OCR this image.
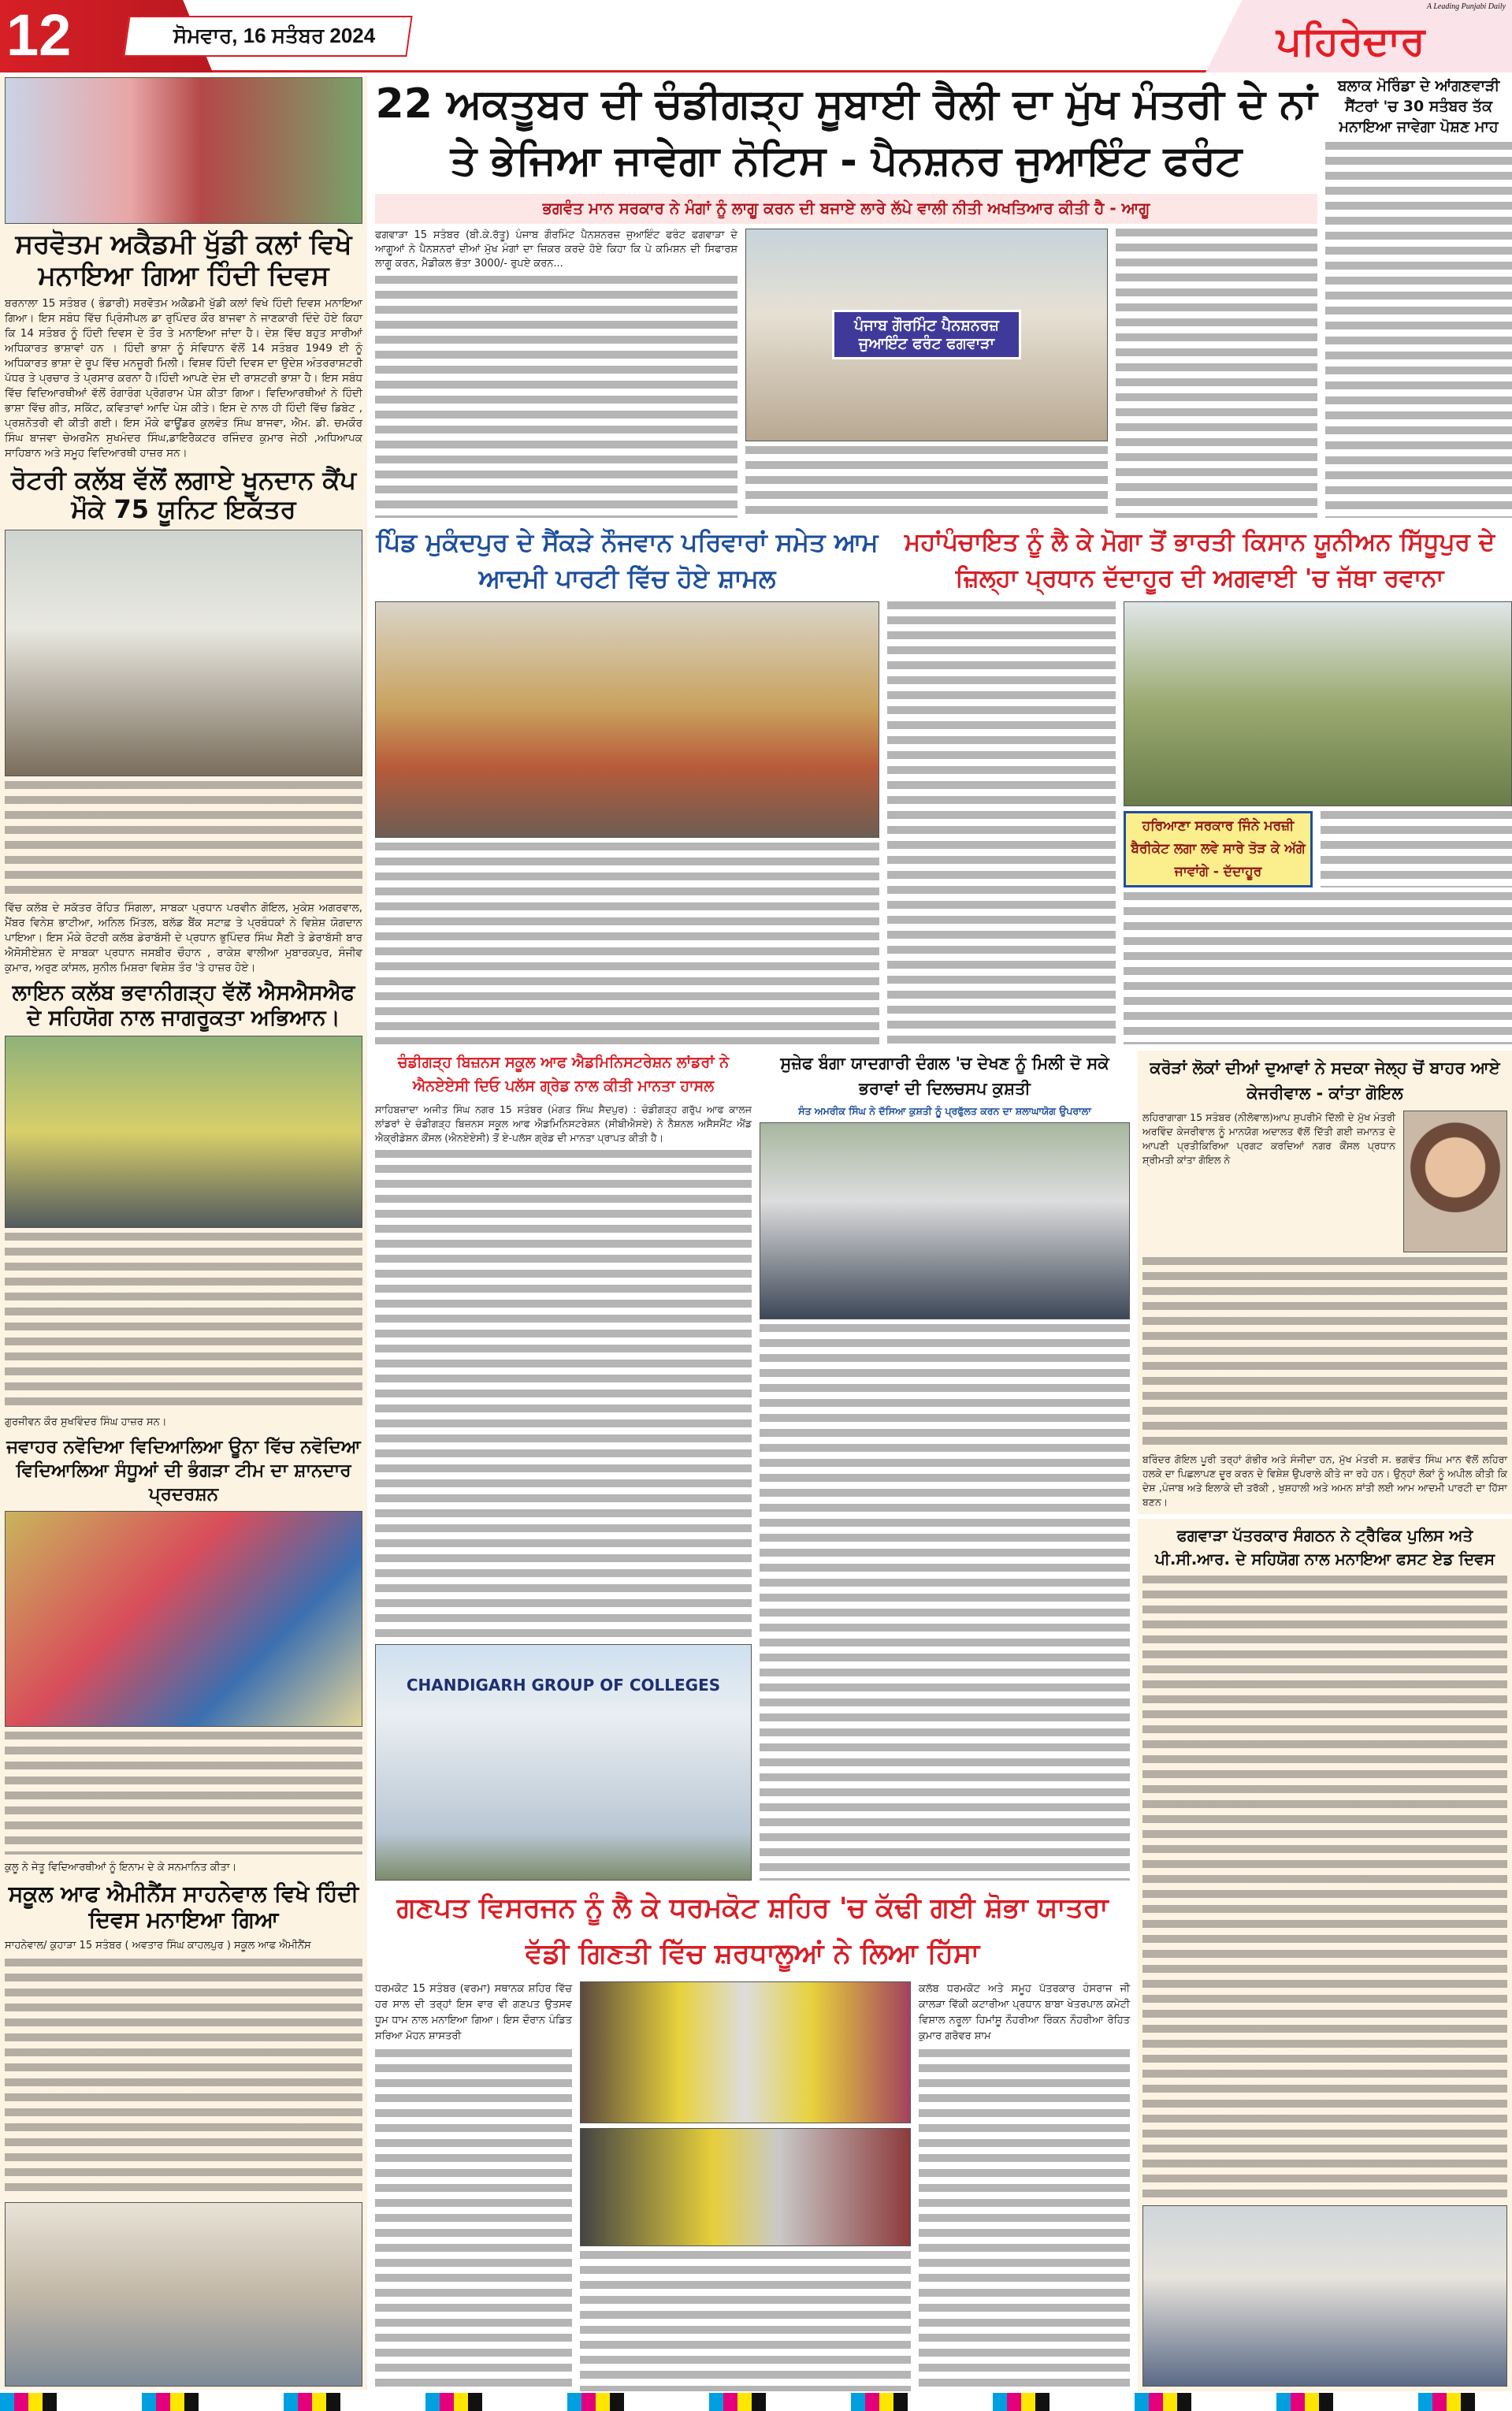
12	ਸੋਮਵਾਰ, 16 ਸਤੰਬਰ 2024
A Leading Punjabi Daily
ਪਹਿਰੇਦਾਰ
ਸਰਵੋਤਮ ਅਕੈਡਮੀ ਖੁੱਡੀ ਕਲਾਂ ਵਿਖੇ ਮਨਾਇਆ ਗਿਆ ਹਿੰਦੀ ਦਿਵਸ
ਬਰਨਾਲਾ 15 ਸਤੰਬਰ ( ਭੰਡਾਰੀ) ਸਰਵੋਤਮ ਅਕੈਡਮੀ ਖੁੱਡੀ ਕਲਾਂ ਵਿਖੇ ਹਿੰਦੀ ਦਿਵਸ ਮਨਾਇਆ ਗਿਆ। ਇਸ ਸਬੰਧ ਵਿੱਚ ਪ੍ਰਿੰਸੀਪਲ ਡਾ ਰੁਪਿੰਦਰ ਕੌਰ ਬਾਜਵਾ ਨੇ ਜਾਣਕਾਰੀ ਦਿੰਦੇ ਹੋਏ ਕਿਹਾ ਕਿ 14 ਸਤੰਬਰ ਨੂੰ ਹਿੰਦੀ ਦਿਵਸ ਦੇ ਤੌਰ ਤੇ ਮਨਾਇਆ ਜਾਂਦਾ ਹੈ। ਦੇਸ਼ ਵਿੱਚ ਬਹੁਤ ਸਾਰੀਆਂ ਅਧਿਕਾਰਤ ਭਾਸ਼ਾਵਾਂ ਹਨ । ਹਿੰਦੀ ਭਾਸ਼ਾ ਨੂੰ ਸੰਵਿਧਾਨ ਵੱਲੋਂ 14 ਸਤੰਬਰ 1949 ਈ ਨੂੰ ਅਧਿਕਾਰਤ ਭਾਸ਼ਾ ਦੇ ਰੂਪ ਵਿੱਚ ਮਨਜ਼ੂਰੀ ਮਿਲੀ। ਵਿਸ਼ਵ ਹਿੰਦੀ ਦਿਵਸ ਦਾ ਉਦੇਸ਼ ਅੰਤਰਰਾਸ਼ਟਰੀ ਪੱਧਰ ਤੇ ਪ੍ਰਚਾਰ ਤੇ ਪ੍ਰਸਾਰ ਕਰਨਾ ਹੈ।ਹਿੰਦੀ ਆਪਣੇ ਦੇਸ਼ ਦੀ ਰਾਸ਼ਟਰੀ ਭਾਸ਼ਾ ਹੈ। ਇਸ ਸਬੰਧ ਵਿੱਚ ਵਿਦਿਆਰਥੀਆਂ ਵੱਲੋਂ ਰੰਗਾਰੰਗ ਪ੍ਰੋਗਰਾਮ ਪੇਸ਼ ਕੀਤਾ ਗਿਆ। ਵਿਦਿਆਰਥੀਆਂ ਨੇ ਹਿੰਦੀ ਭਾਸ਼ਾ ਵਿੱਚ ਗੀਤ, ਸਕਿੱਟ, ਕਵਿਤਾਵਾਂ ਆਦਿ ਪੇਸ਼ ਕੀਤੇ। ਇਸ ਦੇ ਨਾਲ ਹੀ ਹਿੰਦੀ ਵਿੱਚ ਡਿਬੇਟ , ਪ੍ਰਸ਼ਨੋਤਰੀ ਵੀ ਕੀਤੀ ਗਈ। ਇਸ ਮੌਕੇ ਫਾਊਂਡਰ ਕੁਲਵੰਤ ਸਿੰਘ ਬਾਜਵਾ, ਐਮ. ਡੀ. ਚਮਕੌਰ ਸਿੰਘ ਬਾਜਵਾ ਚੇਅਰਮੈਨ ਸੁਖਮੰਦਰ ਸਿੰਘ,ਡਾਇਰੈਕਟਰ ਰਜਿੰਦਰ ਕੁਮਾਰ ਜੇਠੀ ,ਅਧਿਆਪਕ ਸਾਹਿਬਾਨ ਅਤੇ ਸਮੂਹ ਵਿਦਿਆਰਥੀ ਹਾਜ਼ਰ ਸਨ।
ਰੋਟਰੀ ਕਲੱਬ ਵੱਲੋਂ ਲਗਾਏ ਖੂਨਦਾਨ ਕੈਂਪ ਮੌਕੇ 75 ਯੂਨਿਟ ਇਕੱਤਰ
ਵਿੱਚ ਕਲੱਬ ਦੇ ਸਕੱਤਰ ਰੋਹਿਤ ਸਿੰਗਲਾ, ਸਾਬਕਾ ਪ੍ਰਧਾਨ ਪਰਵੀਨ ਗੋਇਲ, ਮੁਕੇਸ਼ ਅਗਰਵਾਲ, ਮੈਂਬਰ ਵਿਨੇਸ਼ ਭਾਟੀਆ, ਅਨਿਲ ਮਿੱਤਲ, ਬਲੱਡ ਬੈਂਕ ਸਟਾਫ਼ ਤੇ ਪ੍ਰਬੰਧਕਾਂ ਨੇ ਵਿਸ਼ੇਸ਼ ਯੋਗਦਾਨ ਪਾਇਆ। ਇਸ ਮੌਕੇ ਰੋਟਰੀ ਕਲੱਬ ਡੇਰਾਬੱਸੀ ਦੇ ਪ੍ਰਧਾਨ ਭੁਪਿੰਦਰ ਸਿੰਘ ਸੈਣੀ ਤੇ ਡੇਰਾਬੱਸੀ ਬਾਰ ਐਸੋਸੀਏਸ਼ਨ ਦੇ ਸਾਬਕਾ ਪ੍ਰਧਾਨ ਜਸਬੀਰ ਚੌਹਾਨ , ਰਾਕੇਸ਼ ਵਾਲੀਆ ਮੁਬਾਰਕਪੁਰ, ਸੰਜੀਵ ਕੁਮਾਰ, ਅਰੁਣ ਕਾਂਸਲ, ਸੁਨੀਲ ਮਿਸ਼ਰਾ ਵਿਸ਼ੇਸ਼ ਤੌਰ 'ਤੇ ਹਾਜ਼ਰ ਹੋਏ।
ਲਾਇਨ ਕਲੱਬ ਭਵਾਨੀਗੜ੍ਹ ਵੱਲੋਂ ਐਸਐਸਐਫ ਦੇ ਸਹਿਯੋਗ ਨਾਲ ਜਾਗਰੂਕਤਾ ਅਭਿਆਨ।
ਗੁਰਜੀਵਨ ਕੌਰ ਸੁਖਵਿੰਦਰ ਸਿੰਘ ਹਾਜ਼ਰ ਸਨ।
ਜਵਾਹਰ ਨਵੋਦਿਆ ਵਿਦਿਆਲਿਆ ਊਨਾ ਵਿੱਚ ਨਵੋਦਿਆ ਵਿਦਿਆਲਿਆ ਸੰਧੂਆਂ ਦੀ ਭੰਗੜਾ ਟੀਮ ਦਾ ਸ਼ਾਨਦਾਰ ਪ੍ਰਦਰਸ਼ਨ
ਕੁਲੂ ਨੇ ਜੇਤੂ ਵਿਦਿਆਰਥੀਆਂ ਨੂੰ ਇਨਾਮ ਦੇ ਕੇ ਸਨਮਾਨਿਤ ਕੀਤਾ।
ਸਕੂਲ ਆਫ ਐਮੀਨੈਂਸ ਸਾਹਨੇਵਾਲ ਵਿਖੇ ਹਿੰਦੀ ਦਿਵਸ ਮਨਾਇਆ ਗਿਆ
ਸਾਹਨੇਵਾਲ/ ਕੁਹਾੜਾ 15 ਸਤੰਬਰ ( ਅਵਤਾਰ ਸਿੰਘ ਕਾਹਲਪੁਰ ) ਸਕੂਲ ਆਫ ਐਮੀਨੈਂਸ
22 ਅਕਤੂਬਰ ਦੀ ਚੰਡੀਗੜ੍ਹ ਸੂਬਾਈ ਰੈਲੀ ਦਾ ਮੁੱਖ ਮੰਤਰੀ ਦੇ ਨਾਂ ਤੇ ਭੇਜਿਆ ਜਾਵੇਗਾ ਨੋਟਿਸ - ਪੈਨਸ਼ਨਰ ਜੁਆਇੰਟ ਫਰੰਟ
ਭਗਵੰਤ ਮਾਨ ਸਰਕਾਰ ਨੇ ਮੰਗਾਂ ਨੂੰ ਲਾਗੂ ਕਰਨ ਦੀ ਬਜਾਏ ਲਾਰੇ ਲੱਪੇ ਵਾਲੀ ਨੀਤੀ ਅਖਤਿਆਰ ਕੀਤੀ ਹੈ - ਆਗੂ
ਫਗਵਾੜਾ 15 ਸਤੰਬਰ (ਬੀ.ਕੇ.ਰੱਤੂ) ਪੰਜਾਬ ਗੌਰਮਿੰਟ ਪੈਨਸ਼ਨਰਜ਼ ਜੁਆਇੰਟ ਫਰੰਟ ਫਗਵਾੜਾ ਦੇ ਆਗੂਆਂ ਨੇ ਪੈਨਸ਼ਨਰਾਂ ਦੀਆਂ ਮੁੱਖ ਮੰਗਾਂ ਦਾ ਜ਼ਿਕਰ ਕਰਦੇ ਹੋਏ ਕਿਹਾ ਕਿ ਪੇ ਕਮਿਸ਼ਨ ਦੀ ਸਿਫਾਰਸ਼ ਲਾਗੂ ਕਰਨ, ਮੈਡੀਕਲ ਭੱਤਾ 3000/- ਰੁਪਏ ਕਰਨ...
ਪੰਜਾਬ ਗੌਰਮਿੰਟ ਪੈਨਸ਼ਨਰਜ਼ ਜੁਆਇੰਟ ਫਰੰਟ ਫਗਵਾੜਾ
ਬਲਾਕ ਮੋਰਿੰਡਾ ਦੇ ਆਂਗਣਵਾੜੀ ਸੈਂਟਰਾਂ 'ਚ 30 ਸਤੰਬਰ ਤੱਕ ਮਨਾਇਆ ਜਾਵੇਗਾ ਪੋਸ਼ਣ ਮਾਹ
ਪਿੰਡ ਮੁਕੰਦਪੁਰ ਦੇ ਸੈਂਕੜੇ ਨੌਜਵਾਨ ਪਰਿਵਾਰਾਂ ਸਮੇਤ ਆਮ ਆਦਮੀ ਪਾਰਟੀ ਵਿੱਚ ਹੋਏ ਸ਼ਾਮਲ
ਮਹਾਂਪੰਚਾਇਤ ਨੂੰ ਲੈ ਕੇ ਮੋਗਾ ਤੋਂ ਭਾਰਤੀ ਕਿਸਾਨ ਯੂਨੀਅਨ ਸਿੱਧੂਪੁਰ ਦੇ ਜ਼ਿਲ੍ਹਾ ਪ੍ਰਧਾਨ ਦੱਦਾਹੂਰ ਦੀ ਅਗਵਾਈ 'ਚ ਜੱਥਾ ਰਵਾਨਾ
ਹਰਿਆਣਾ ਸਰਕਾਰ ਜਿੰਨੇ ਮਰਜ਼ੀ ਬੈਰੀਕੇਟ ਲਗਾ ਲਵੇ ਸਾਰੇ ਤੋੜ ਕੇ ਅੱਗੇ ਜਾਵਾਂਗੇ - ਦੱਦਾਹੂਰ
ਚੰਡੀਗੜ੍ਹ ਬਿਜ਼ਨਸ ਸਕੂਲ ਆਫ ਐਡਮਿਨਿਸਟਰੇਸ਼ਨ ਲਾਂਡਰਾਂ ਨੇ ਐਨਏਏਸੀ ਦਿਓ ਪਲੱਸ ਗ੍ਰੇਡ ਨਾਲ ਕੀਤੀ ਮਾਨਤਾ ਹਾਸਲ
ਸਾਹਿਬਜ਼ਾਦਾ ਅਜੀਤ ਸਿੰਘ ਨਗਰ 15 ਸਤੰਬਰ (ਮੰਗਤ ਸਿੰਘ ਸੈਦਪੁਰ) : ਚੰਡੀਗੜ੍ਹ ਗਰੁੱਪ ਆਫ ਕਾਲਜ ਲਾਂਡਰਾਂ ਦੇ ਚੰਡੀਗੜ੍ਹ ਬਿਜ਼ਨਸ ਸਕੂਲ ਆਫ ਐਡਮਿਨਿਸਟਰੇਸ਼ਨ (ਸੀਬੀਐਸਏ) ਨੇ ਨੈਸ਼ਨਲ ਅਸੈਸਮੈਂਟ ਐਂਡ ਐਕ੍ਰੀਡੇਸ਼ਨ ਕੌਂਸਲ (ਐਨਏਏਸੀ) ਤੋਂ ਏ-ਪਲੱਸ ਗ੍ਰੇਡ ਦੀ ਮਾਨਤਾ ਪ੍ਰਾਪਤ ਕੀਤੀ ਹੈ।
CHANDIGARH GROUP OF COLLEGES
ਸੁਜ਼ੇਫ ਬੰਗਾ ਯਾਦਗਾਰੀ ਦੰਗਲ 'ਚ ਦੇਖਣ ਨੂੰ ਮਿਲੀ ਦੋ ਸਕੇ ਭਰਾਵਾਂ ਦੀ ਦਿਲਚਸਪ ਕੁਸ਼ਤੀ
ਸੰਤ ਅਮਰੀਕ ਸਿੰਘ ਨੇ ਦੱਸਿਆ ਕੁਸ਼ਤੀ ਨੂੰ ਪ੍ਰਫੁੱਲਤ ਕਰਨ ਦਾ ਸ਼ਲਾਘਾਯੋਗ ਉਪਰਾਲਾ
ਗਣਪਤ ਵਿਸਰਜਨ ਨੂੰ ਲੈ ਕੇ ਧਰਮਕੋਟ ਸ਼ਹਿਰ 'ਚ ਕੱਢੀ ਗਈ ਸ਼ੋਭਾ ਯਾਤਰਾ ਵੱਡੀ ਗਿਣਤੀ ਵਿੱਚ ਸ਼ਰਧਾਲੂਆਂ ਨੇ ਲਿਆ ਹਿੱਸਾ
ਧਰਮਕੋਟ 15 ਸਤੰਬਰ (ਵਰਮਾ) ਸਥਾਨਕ ਸ਼ਹਿਰ ਵਿੱਚ ਹਰ ਸਾਲ ਦੀ ਤਰ੍ਹਾਂ ਇਸ ਵਾਰ ਵੀ ਗਣਪਤ ਉਤਸਵ ਧੂਮ ਧਾਮ ਨਾਲ ਮਨਾਇਆ ਗਿਆ। ਇਸ ਦੌਰਾਨ ਪੰਡਿਤ ਸਰਿਆ ਮੋਹਨ ਸ਼ਾਸਤਰੀ
ਕਲੱਬ ਧਰਮਕੋਟ ਅਤੇ ਸਮੂਹ ਪੱਤਰਕਾਰ ਹੰਸਰਾਜ ਜੀ ਕਾਲੜਾ ਵਿੱਕੀ ਕਟਾਰੀਆ ਪ੍ਰਧਾਨ ਬਾਬਾ ਖੇਤਰਪਾਲ ਕਮੇਟੀ ਵਿਸ਼ਾਲ ਨਰੂਲਾ ਹਿਮਾਂਸ਼ੂ ਨੌਹਰੀਆ ਰਿੰਕਨ ਨੌਹਰੀਆ ਰੋਹਿਤ ਕੁਮਾਰ ਗਰੋਵਰ ਸ਼ਾਮ
ਕਰੋੜਾਂ ਲੋਕਾਂ ਦੀਆਂ ਦੁਆਵਾਂ ਨੇ ਸਦਕਾ ਜੇਲ੍ਹ ਚੋਂ ਬਾਹਰ ਆਏ ਕੇਜਰੀਵਾਲ - ਕਾਂਤਾ ਗੋਇਲ
ਲਹਿਰਾਗਾਗਾ 15 ਸਤੰਬਰ (ਨੀਲੋਵਾਲ)ਆਪ ਸੁਪਰੀਮੋ ਦਿੱਲੀ ਦੇ ਮੁੱਖ ਮੰਤਰੀ ਅਰਵਿੰਦ ਕੇਜਰੀਵਾਲ ਨੂੰ ਮਾਨਯੋਗ ਅਦਾਲਤ ਵੱਲੋਂ ਦਿੱਤੀ ਗਈ ਜ਼ਮਾਨਤ ਦੇ ਆਪਣੀ ਪ੍ਰਤੀਕਿਰਿਆ ਪ੍ਰਗਟ ਕਰਦਿਆਂ ਨਗਰ ਕੌਂਸਲ ਪ੍ਰਧਾਨ ਸ਼੍ਰੀਮਤੀ ਕਾਂਤਾ ਗੋਇਲ ਨੇ
ਬਰਿੰਦਰ ਗੋਇਲ ਪੂਰੀ ਤਰ੍ਹਾਂ ਗੰਭੀਰ ਅਤੇ ਸੰਜੀਦਾ ਹਨ, ਮੁੱਖ ਮੰਤਰੀ ਸ. ਭਗਵੰਤ ਸਿੰਘ ਮਾਨ ਵੱਲੋਂ ਲਹਿਰਾ ਹਲਕੇ ਦਾ ਪਿਛਲਾਪਣ ਦੂਰ ਕਰਨ ਦੇ ਵਿਸ਼ੇਸ਼ ਉਪਰਾਲੇ ਕੀਤੇ ਜਾ ਰਹੇ ਹਨ। ਉਨ੍ਹਾਂ ਲੋਕਾਂ ਨੂੰ ਅਪੀਲ ਕੀਤੀ ਕਿ ਦੇਸ਼ ,ਪੰਜਾਬ ਅਤੇ ਇਲਾਕੇ ਦੀ ਤਰੱਕੀ , ਖੁਸ਼ਹਾਲੀ ਅਤੇ ਅਮਨ ਸ਼ਾਂਤੀ ਲਈ ਆਮ ਆਦਮੀ ਪਾਰਟੀ ਦਾ ਹਿੱਸਾ ਬਣਨ।
ਫਗਵਾੜਾ ਪੱਤਰਕਾਰ ਸੰਗਠਨ ਨੇ ਟ੍ਰੈਫਿਕ ਪੁਲਿਸ ਅਤੇ ਪੀ.ਸੀ.ਆਰ. ਦੇ ਸਹਿਯੋਗ ਨਾਲ ਮਨਾਇਆ ਫਸਟ ਏਡ ਦਿਵਸ
